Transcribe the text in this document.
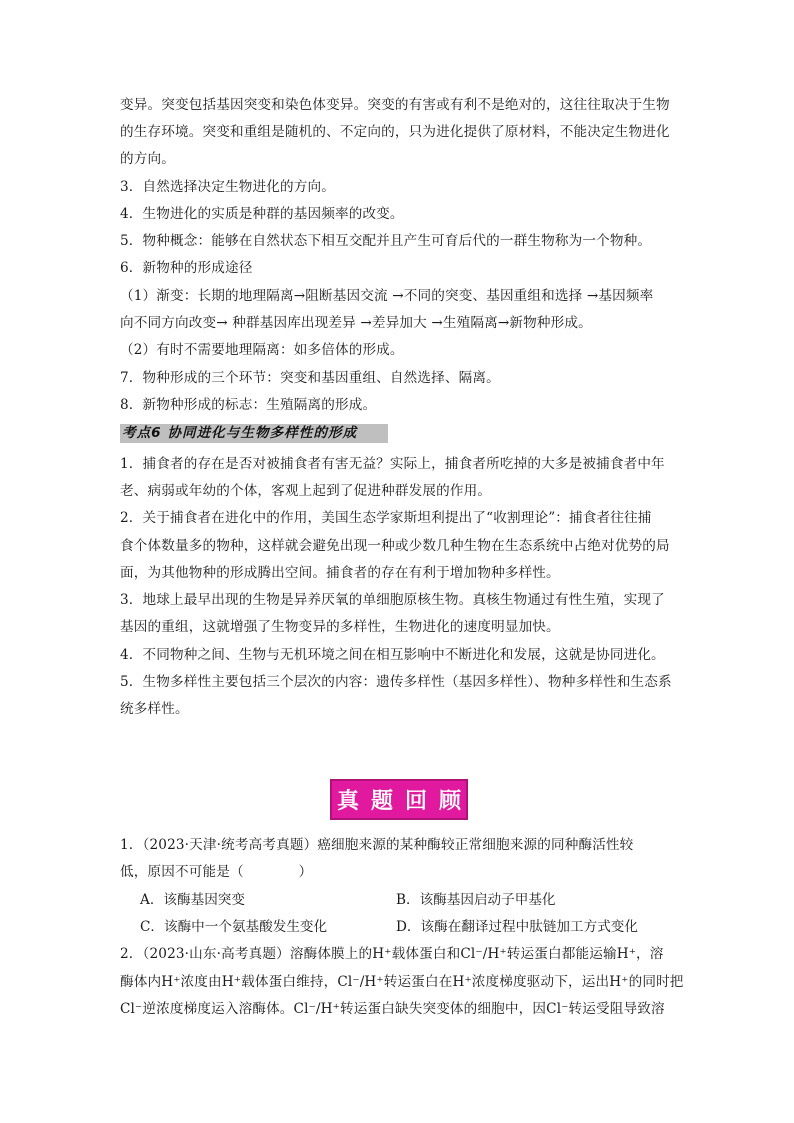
变异。突变包括基因突变和染色体变异。突变的有害或有利不是绝对的，这往往取决于生物
的生存环境。突变和重组是随机的、不定向的，只为进化提供了原材料，不能决定生物进化
的方向。
3．自然选择决定生物进化的方向。
4．生物进化的实质是种群的基因频率的改变。
5．物种概念：能够在自然状态下相互交配并且产生可育后代的一群生物称为一个物种。
6．新物种的形成途径
（1）渐变：长期的地理隔离→阻断基因交流 →不同的突变、基因重组和选择 →基因频率
向不同方向改变→ 种群基因库出现差异 →差异加大 →生殖隔离→新物种形成。
（2）有时不需要地理隔离：如多倍体的形成。
7．物种形成的三个环节：突变和基因重组、自然选择、隔离。
8．新物种形成的标志：生殖隔离的形成。
考点6 协同进化与生物多样性的形成
1．捕食者的存在是否对被捕食者有害无益？实际上，捕食者所吃掉的大多是被捕食者中年
老、病弱或年幼的个体，客观上起到了促进种群发展的作用。
2．关于捕食者在进化中的作用，美国生态学家斯坦利提出了“收割理论”：捕食者往往捕
食个体数量多的物种，这样就会避免出现一种或少数几种生物在生态系统中占绝对优势的局
面，为其他物种的形成腾出空间。捕食者的存在有利于增加物种多样性。
3．地球上最早出现的生物是异养厌氧的单细胞原核生物。真核生物通过有性生殖，实现了
基因的重组，这就增强了生物变异的多样性，生物进化的速度明显加快。
4．不同物种之间、生物与无机环境之间在相互影响中不断进化和发展，这就是协同进化。
5．生物多样性主要包括三个层次的内容：遗传多样性（基因多样性）、物种多样性和生态系
统多样性。
真题回顾
1．（2023·天津·统考高考真题）癌细胞来源的某种酶较正常细胞来源的同种酶活性较
低，原因不可能是（　　　　）
A．该酶基因突变	B．该酶基因启动子甲基化
C．该酶中一个氨基酸发生变化	D．该酶在翻译过程中肽链加工方式变化
2．（2023·山东·高考真题）溶酶体膜上的H⁺载体蛋白和Cl⁻/H⁺转运蛋白都能运输H⁺，溶
酶体内H⁺浓度由H⁺载体蛋白维持，Cl⁻/H⁺转运蛋白在H⁺浓度梯度驱动下，运出H⁺的同时把
Cl⁻逆浓度梯度运入溶酶体。Cl⁻/H⁺转运蛋白缺失突变体的细胞中，因Cl⁻转运受阻导致溶
